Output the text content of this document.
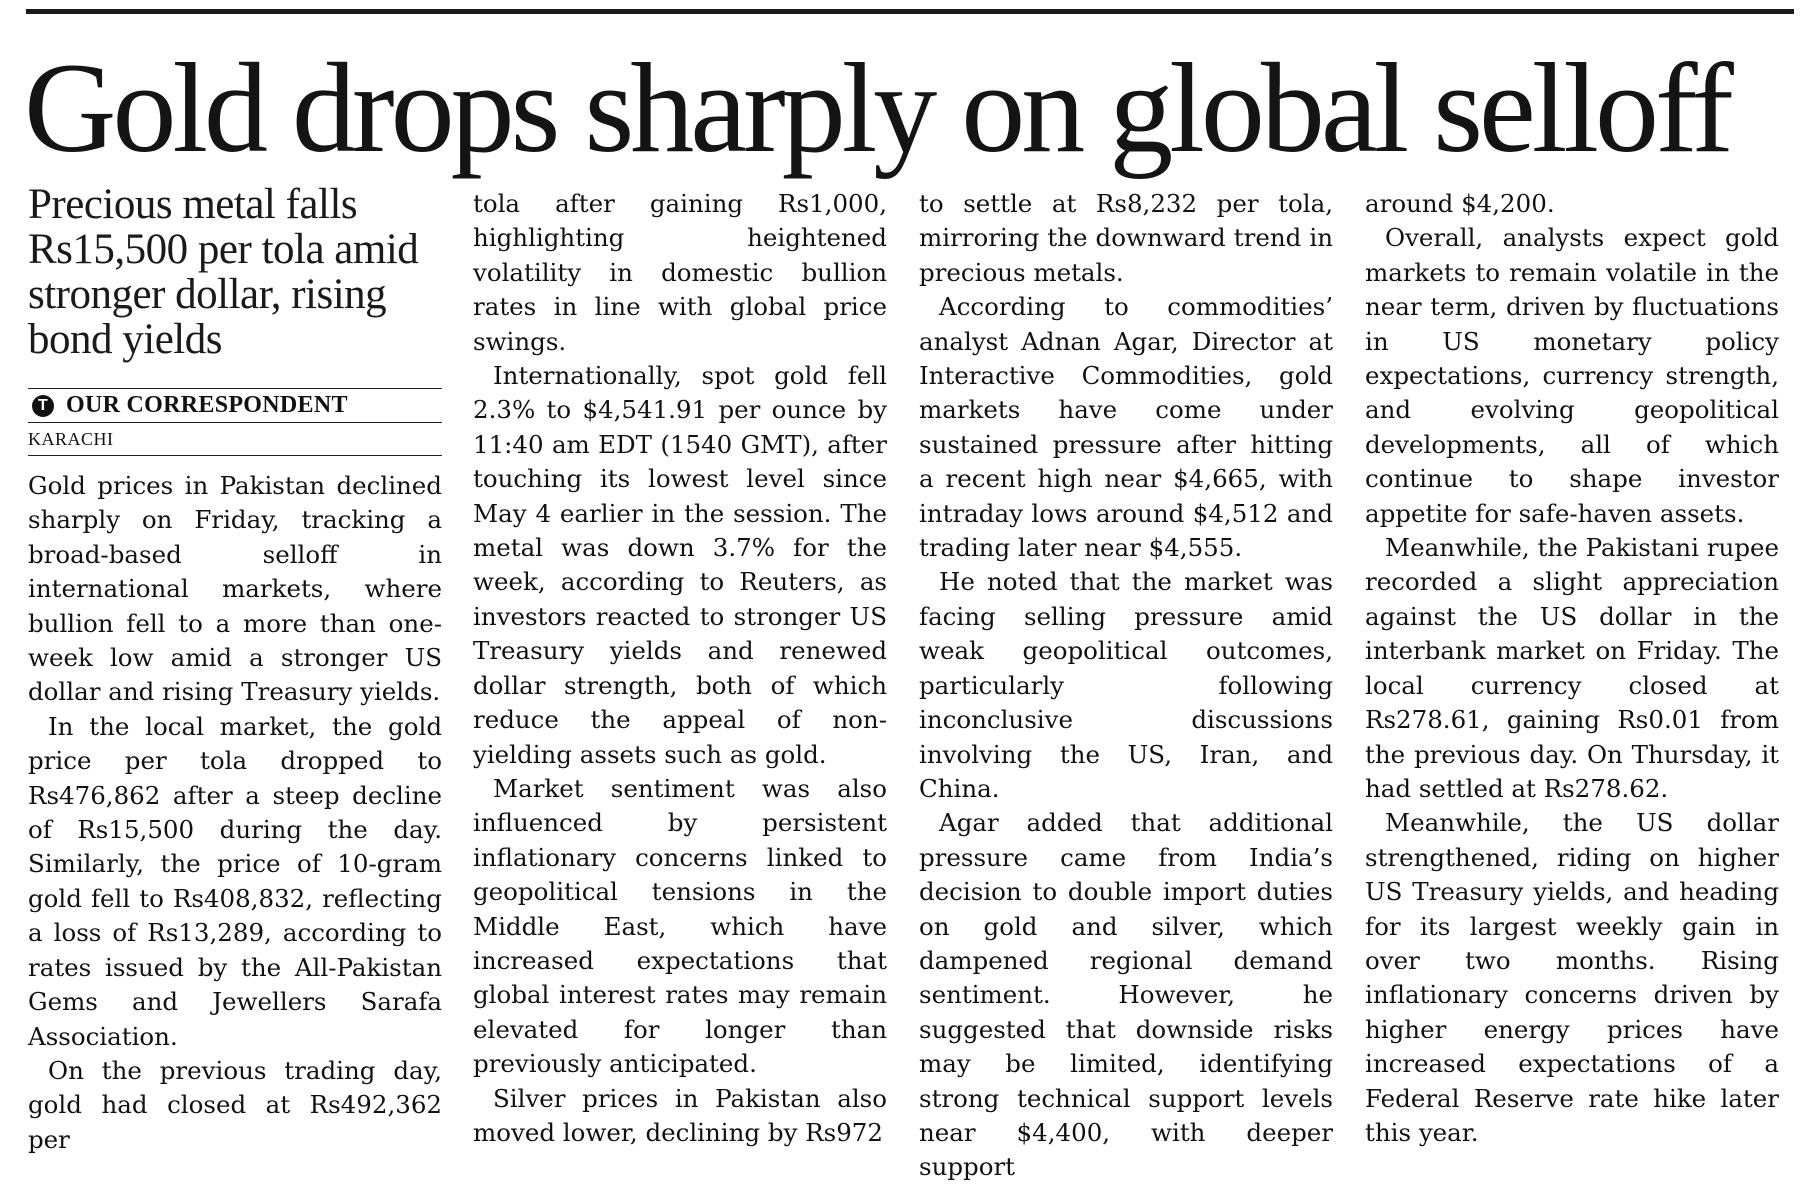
Gold drops sharply on global selloff
Precious metal falls Rs15,500 per tola amid stronger dollar, rising bond yields
T OUR CORRESPONDENT
KARACHI

Gold prices in Pakistan declined sharply on Friday, tracking a broad-based selloff in international markets, where bullion fell to a more than one-week low amid a stronger US dollar and rising Treasury yields.

In the local market, the gold price per tola dropped to Rs476,862 after a steep decline of Rs15,500 during the day. Similarly, the price of 10-gram gold fell to Rs408,832, reflecting a loss of Rs13,289, according to rates issued by the All-Pakistan Gems and Jewellers Sarafa Association.

On the previous trading day, gold had closed at Rs492,362 per

tola after gaining Rs1,000, highlighting heightened volatility in domestic bullion rates in line with global price swings.

Internationally, spot gold fell 2.3% to $4,541.91 per ounce by 11:40 am EDT (1540 GMT), after touching its lowest level since May 4 earlier in the session. The metal was down 3.7% for the week, according to Reuters, as investors reacted to stronger US Treasury yields and renewed dollar strength, both of which reduce the appeal of non-yielding assets such as gold.

Market sentiment was also influenced by persistent inflationary concerns linked to geopolitical tensions in the Middle East, which have increased expectations that global interest rates may remain elevated for longer than previously anticipated.

Silver prices in Pakistan also moved lower, declining by Rs972

to settle at Rs8,232 per tola, mirroring the downward trend in precious metals.

According to commodities’ analyst Adnan Agar, Director at Interactive Commodities, gold markets have come under sustained pressure after hitting a recent high near $4,665, with intraday lows around $4,512 and trading later near $4,555.

He noted that the market was facing selling pressure amid weak geopolitical outcomes, particularly following inconclusive discussions involving the US, Iran, and China.

Agar added that additional pressure came from India’s decision to double import duties on gold and silver, which dampened regional demand sentiment. However, he suggested that downside risks may be limited, identifying strong technical support levels near $4,400, with deeper support

around $4,200.

Overall, analysts expect gold markets to remain volatile in the near term, driven by fluctuations in US monetary policy expectations, currency strength, and evolving geopolitical developments, all of which continue to shape investor appetite for safe-haven assets.

Meanwhile, the Pakistani rupee recorded a slight appreciation against the US dollar in the interbank market on Friday. The local currency closed at Rs278.61, gaining Rs0.01 from the previous day. On Thursday, it had settled at Rs278.62.

Meanwhile, the US dollar strengthened, riding on higher US Treasury yields, and heading for its largest weekly gain in over two months. Rising inflationary concerns driven by higher energy prices have increased expectations of a Federal Reserve rate hike later this year.
